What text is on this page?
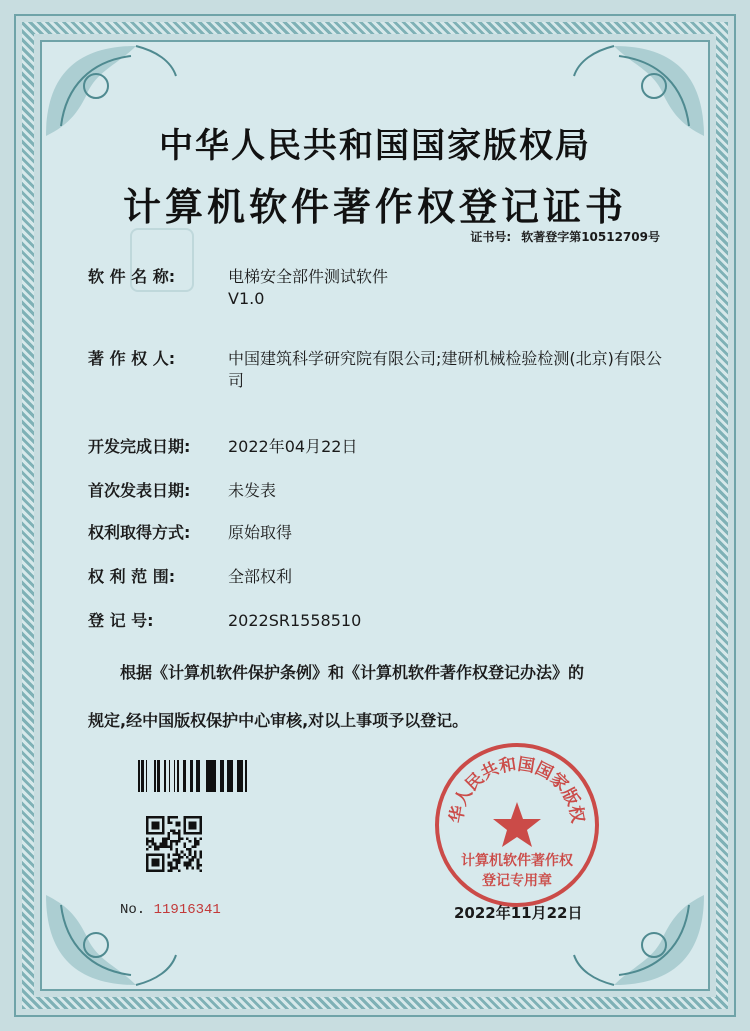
中华人民共和国国家版权局
计算机软件著作权登记证书
证书号: 软著登字第10512709号
软 件 名 称:	电梯安全部件测试软件
V1.0
著 作 权 人:	中国建筑科学研究院有限公司;建研机械检验检测(北京)有限公司
开发完成日期:	2022年04月22日
首次发表日期:	未发表
权利取得方式:	原始取得
权 利 范 围:	全部权利
登 记 号:	2022SR1558510
根据《计算机软件保护条例》和《计算机软件著作权登记办法》的
规定,经中国版权保护中心审核,对以上事项予以登记。
No. 11916341
华人民共和国国家版权
计算机软件著作权
登记专用章
2022年11月22日
